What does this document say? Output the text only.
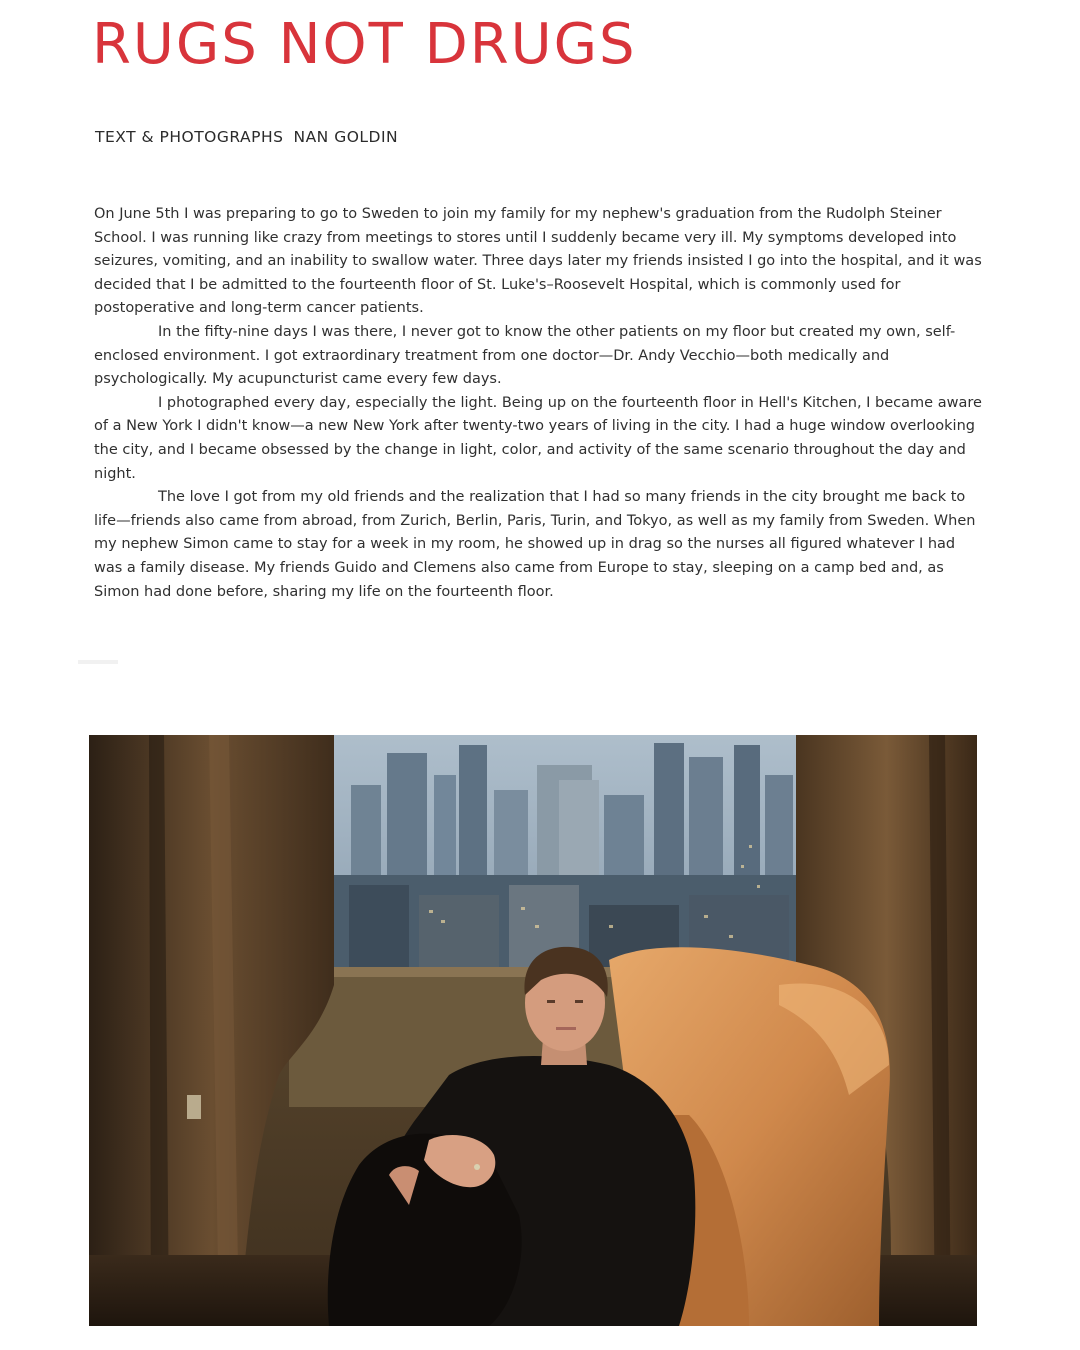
RUGS NOT DRUGS
TEXT & PHOTOGRAPHS NAN GOLDIN

On June 5th I was preparing to go to Sweden to join my family for my nephew's graduation from the Rudolph Steiner School. I was running like crazy from meetings to stores until I suddenly became very ill. My symptoms developed into seizures, vomiting, and an inability to swallow water. Three days later my friends insisted I go into the hospital, and it was decided that I be admitted to the fourteenth floor of St. Luke's–Roosevelt Hospital, which is commonly used for postoperative and long-term cancer patients.

In the fifty-nine days I was there, I never got to know the other patients on my floor but created my own, self-enclosed environment. I got extraordinary treatment from one doctor—Dr. Andy Vecchio—both medically and psychologically. My acupuncturist came every few days.

I photographed every day, especially the light. Being up on the fourteenth floor in Hell's Kitchen, I became aware of a New York I didn't know—a new New York after twenty-two years of living in the city. I had a huge window overlooking the city, and I became obsessed by the change in light, color, and activity of the same scenario throughout the day and night.

The love I got from my old friends and the realization that I had so many friends in the city brought me back to life—friends also came from abroad, from Zurich, Berlin, Paris, Turin, and Tokyo, as well as my family from Sweden. When my nephew Simon came to stay for a week in my room, he showed up in drag so the nurses all figured whatever I had was a family disease. My friends Guido and Clemens also came from Europe to stay, sleeping on a camp bed and, as Simon had done before, sharing my life on the fourteenth floor.
